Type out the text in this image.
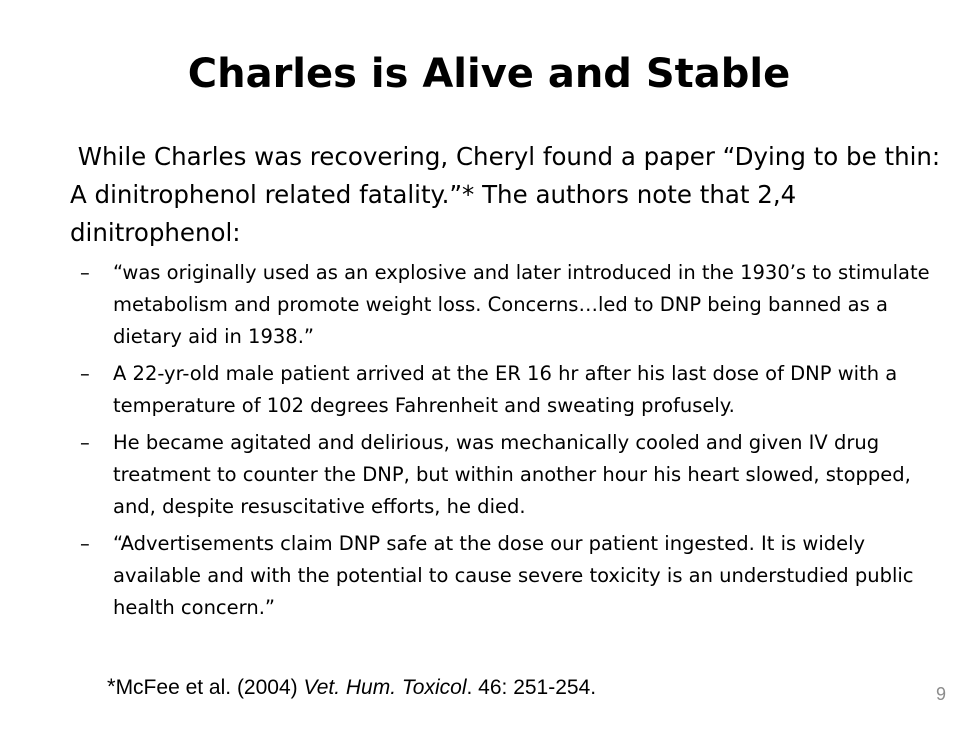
Charles is Alive and Stable

While Charles was recovering, Cheryl found a paper “Dying to be thin: A dinitrophenol related fatality.”* The authors note that 2,4 dinitrophenol:

– “was originally used as an explosive and later introduced in the 1930’s to stimulate metabolism and promote weight loss. Concerns…led to DNP being banned as a dietary aid in 1938.”
– A 22-yr-old male patient arrived at the ER 16 hr after his last dose of DNP with a temperature of 102 degrees Fahrenheit and sweating profusely.
– He became agitated and delirious, was mechanically cooled and given IV drug treatment to counter the DNP, but within another hour his heart slowed, stopped, and, despite resuscitative efforts, he died.
– “Advertisements claim DNP safe at the dose our patient ingested. It is widely available and with the potential to cause severe toxicity is an understudied public health concern.”

*McFee et al. (2004) Vet. Hum. Toxicol. 46: 251-254.	9
